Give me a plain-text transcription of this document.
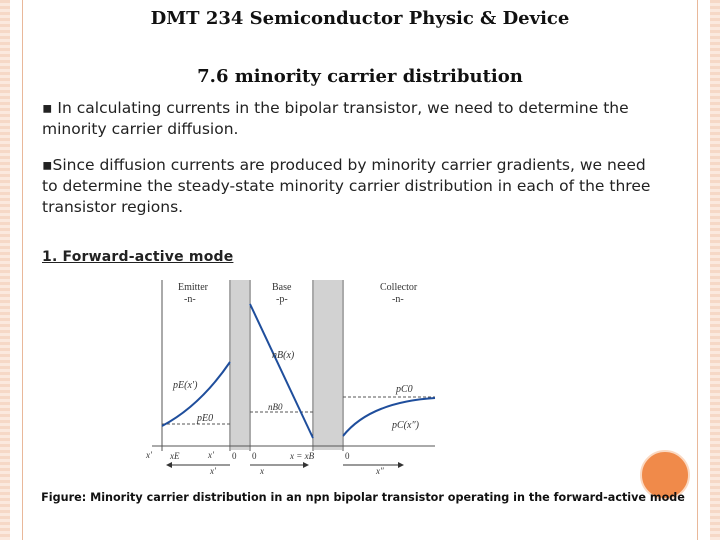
DMT 234 Semiconductor Physic & Device
7.6 minority carrier distribution
▪ In calculating currents in the bipolar transistor, we need to determine the minority carrier diffusion.
▪Since diffusion currents are produced by minority carrier gradients, we need to determine the steady-state minority carrier distribution in each of the three transistor regions.
1. Forward-active mode
Emitter
-n-
Base
-p-
Collector
-n-
pE(x′)
pE0
nB(x)
nB0
pC0
pC(x″)
x′ xE	x′ 0 0	x = xB	0
x′	x	x″
Figure: Minority carrier distribution in an npn bipolar transistor operating in the forward-active mode
